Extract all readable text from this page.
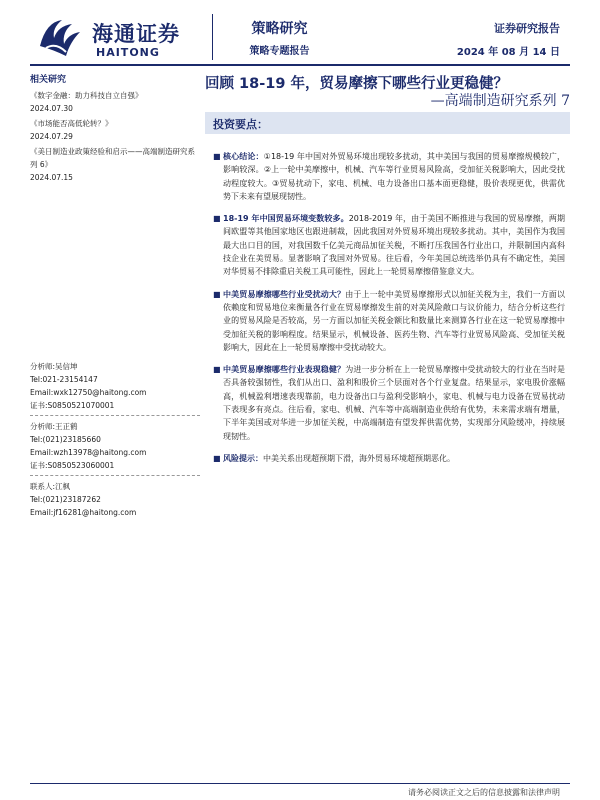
海通证券
HAITONG
策略研究
策略专题报告
证券研究报告
2024 年 08 月 14 日
相关研究

《数字金融：助力科技自立自强》

2024.07.30

《市场能否高低轮转？》

2024.07.29

《美日制造业政策经验和启示——高端制造研究系列 6》

2024.07.15

分析师:吴信坤

Tel:021-23154147

Email:wxk12750@haitong.com

证书:S0850521070001

分析师:王正鹤

Tel:(021)23185660

Email:wzh13978@haitong.com

证书:S0850523060001

联系人:江枫

Tel:(021)23187262

Email:jf16281@haitong.com

回顾 18-19 年，贸易摩擦下哪些行业更稳健？
—高端制造研究系列 7
投资要点：
■ 核心结论：①18-19 年中国对外贸易环境出现较多扰动，其中美国与我国的贸易摩擦规模较广，影响较深。②上一轮中美摩擦中，机械、汽车等行业贸易风险高，受加征关税影响大，因此受扰动程度较大。③贸易扰动下，家电、机械、电力设备出口基本面更稳健，股价表现更优，供需优势下未来有望展现韧性。
■ 18-19 年中国贸易环境变数较多。2018-2019 年，由于美国不断推进与我国的贸易摩擦，两期间欧盟等其他国家地区也跟进制裁，因此我国对外贸易环境出现较多扰动。其中，美国作为我国最大出口目的国，对我国数千亿美元商品加征关税，不断打压我国各行业出口，并限制国内高科技企业在美贸易。显著影响了我国对外贸易。往后看，今年美国总统选举仍具有不确定性，美国对华贸易不排除重启关税工具可能性，因此上一轮贸易摩擦借鉴意义大。
■ 中美贸易摩擦哪些行业受扰动大？由于上一轮中美贸易摩擦形式以加征关税为主，我们一方面以依赖度和贸易地位来衡量各行业在贸易摩擦发生前的对美风险敞口与议价能力，结合分析这些行业的贸易风险是否较高，另一方面以加征关税金额比和数量比来测算各行业在这一轮贸易摩擦中受加征关税的影响程度。结果显示，机械设备、医药生物、汽车等行业贸易风险高、受加征关税影响大，因此在上一轮贸易摩擦中受扰动较大。
■ 中美贸易摩擦哪些行业表现稳健？为进一步分析在上一轮贸易摩擦中受扰动较大的行业在当时是否具备较强韧性，我们从出口、盈利和股价三个层面对各个行业复盘。结果显示，家电股价涨幅高，机械盈利增速表现靠前，电力设备出口与盈利受影响小，家电、机械与电力设备在贸易扰动下表现多有亮点。往后看，家电、机械、汽车等中高端制造业供给有优势，未来需求端有增量，下半年美国或对华进一步加征关税，中高端制造有望发挥供需优势，实现部分风险缓冲，持续展现韧性。
■ 风险提示：中美关系出现超预期下滑，海外贸易环境超预期恶化。
请务必阅读正文之后的信息披露和法律声明
